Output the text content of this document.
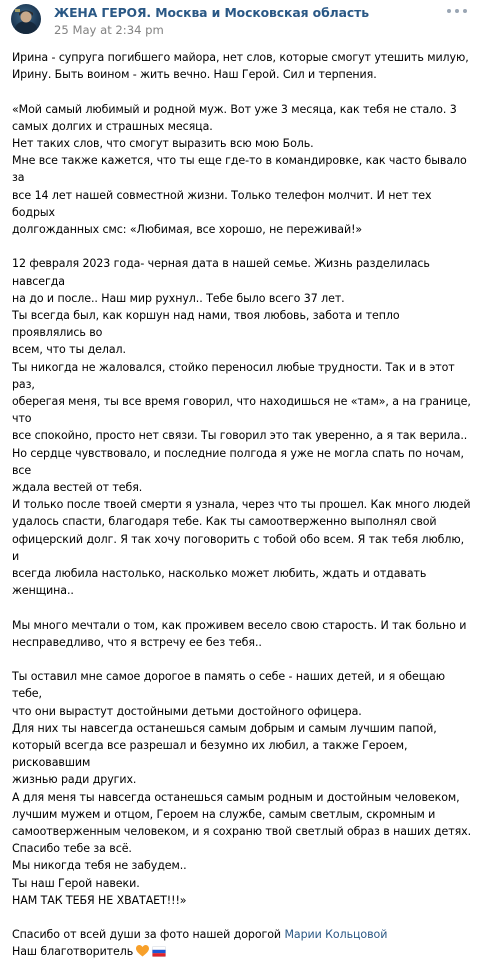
ЖЕНА ГЕРОЯ. Москва и Московская область
25 May at 2:34 pm

Ирина - супруга погибшего майора, нет слов, которые смогут утешить милую,

Ирину. Быть воином - жить вечно. Наш Герой. Сил и терпения.

«Мой самый любимый и родной муж. Вот уже 3 месяца, как тебя не стало. 3

самых долгих и страшных месяца.

Нет таких слов, что смогут выразить всю мою Боль.

Мне все также кажется, что ты еще где-то в командировке, как часто бывало за

все 14 лет нашей совместной жизни. Только телефон молчит. И нет тех бодрых

долгожданных смс: «Любимая, все хорошо, не переживай!»

12 февраля 2023 года- черная дата в нашей семье. Жизнь разделилась навсегда

на до и после.. Наш мир рухнул.. Тебе было всего 37 лет.

Ты всегда был, как коршун над нами, твоя любовь, забота и тепло проявлялись во

всем, что ты делал.

Ты никогда не жаловался, стойко переносил любые трудности. Так и в этот раз,

оберегая меня, ты все время говорил, что находишься не «там», а на границе, что

все спокойно, просто нет связи. Ты говорил это так уверенно, а я так верила..

Но сердце чувствовало, и последние полгода я уже не могла спать по ночам, все

ждала вестей от тебя.

И только после твоей смерти я узнала, через что ты прошел. Как много людей

удалось спасти, благодаря тебе. Как ты самоотверженно выполнял свой

офицерский долг. Я так хочу поговорить с тобой обо всем. Я так тебя люблю, и

всегда любила настолько, насколько может любить, ждать и отдавать женщина..

Мы много мечтали о том, как проживем весело свою старость. И так больно и

несправедливо, что я встречу ее без тебя..

Ты оставил мне самое дорогое в память о себе - наших детей, и я обещаю тебе,

что они вырастут достойными детьми достойного офицера.

Для них ты навсегда останешься самым добрым и самым лучшим папой,

который всегда все разрешал и безумно их любил, а также Героем, рисковавшим

жизнью ради других.

А для меня ты навсегда останешься самым родным и достойным человеком,

лучшим мужем и отцом, Героем на службе, самым светлым, скромным и

самоотверженным человеком, и я сохраню твой светлый образ в наших детях.

Спасибо тебе за всё.

Мы никогда тебя не забудем..

Ты наш Герой навеки.

НАМ ТАК ТЕБЯ НЕ ХВАТАЕТ!!!»

Спасибо от всей души за фото нашей дорогой Марии Кольцовой

Наш благотворитель
